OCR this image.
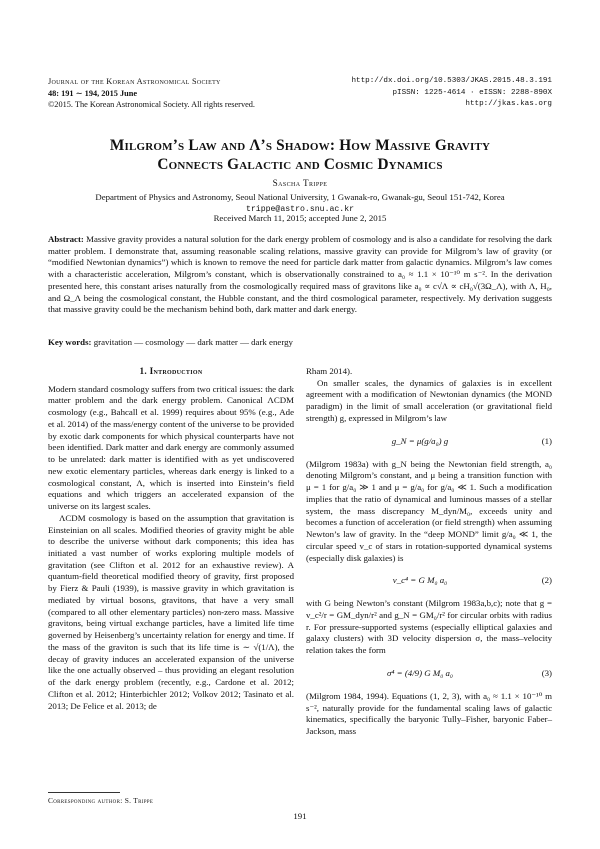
Journal of the Korean Astronomical Society
48: 191 ∼ 194, 2015 June
©2015. The Korean Astronomical Society. All rights reserved.
http://dx.doi.org/10.5303/JKAS.2015.48.3.191
pISSN: 1225-4614 · eISSN: 2288-890X
http://jkas.kas.org
Milgrom’s Law and Λ’s Shadow: How Massive Gravity
Connects Galactic and Cosmic Dynamics
Sascha Trippe
Department of Physics and Astronomy, Seoul National University, 1 Gwanak-ro, Gwanak-gu, Seoul 151-742, Korea
trippe@astro.snu.ac.kr
Received March 11, 2015; accepted June 2, 2015
Abstract: Massive gravity provides a natural solution for the dark energy problem of cosmology and is also a candidate for resolving the dark matter problem. I demonstrate that, assuming reasonable scaling relations, massive gravity can provide for Milgrom’s law of gravity (or “modified Newtonian dynamics”) which is known to remove the need for particle dark matter from galactic dynamics. Milgrom’s law comes with a characteristic acceleration, Milgrom’s constant, which is observationally constrained to a₀ ≈ 1.1 × 10⁻¹⁰ m s⁻². In the derivation presented here, this constant arises naturally from the cosmologically required mass of gravitons like a₀ ∝ c√Λ ∝ cH₀√(3Ω_Λ), with Λ, H₀, and Ω_Λ being the cosmological constant, the Hubble constant, and the third cosmological parameter, respectively. My derivation suggests that massive gravity could be the mechanism behind both, dark matter and dark energy.
Key words: gravitation — cosmology — dark matter — dark energy
1. Introduction

Modern standard cosmology suffers from two critical issues: the dark matter problem and the dark energy problem. Canonical ΛCDM cosmology (e.g., Bahcall et al. 1999) requires about 95% (e.g., Ade et al. 2014) of the mass/energy content of the universe to be provided by exotic dark components for which physical counterparts have not been identified. Dark matter and dark energy are commonly assumed to be unrelated: dark matter is identified with as yet undiscovered new exotic elementary particles, whereas dark energy is linked to a cosmological constant, Λ, which is inserted into Einstein’s field equations and which triggers an accelerated expansion of the universe on its largest scales.

ΛCDM cosmology is based on the assumption that gravitation is Einsteinian on all scales. Modified theories of gravity might be able to describe the universe without dark components; this idea has initiated a vast number of works exploring multiple models of gravitation (see Clifton et al. 2012 for an exhaustive review). A quantum-field theoretical modified theory of gravity, first proposed by Fierz & Pauli (1939), is massive gravity in which gravitation is mediated by virtual bosons, gravitons, that have a very small (compared to all other elementary particles) non-zero mass. Massive gravitons, being virtual exchange particles, have a limited life time governed by Heisenberg’s uncertainty relation for energy and time. If the mass of the graviton is such that its life time is ∼ √(1/Λ), the decay of gravity induces an accelerated expansion of the universe like the one actually observed – thus providing an elegant resolution of the dark energy problem (recently, e.g., Cardone et al. 2012; Clifton et al. 2012; Hinterbichler 2012; Volkov 2012; Tasinato et al. 2013; De Felice et al. 2013; de

Rham 2014).

On smaller scales, the dynamics of galaxies is in excellent agreement with a modification of Newtonian dynamics (the MOND paradigm) in the limit of small acceleration (or gravitational field strength) g, expressed in Milgrom’s law

g_N = μ(g/a₀) g	(1)

(Milgrom 1983a) with g_N being the Newtonian field strength, a₀ denoting Milgrom’s constant, and μ being a transition function with μ = 1 for g/a₀ ≫ 1 and μ = g/a₀ for g/a₀ ≪ 1. Such a modification implies that the ratio of dynamical and luminous masses of a stellar system, the mass discrepancy M_dyn/M₀, exceeds unity and becomes a function of acceleration (or field strength) when assuming Newton’s law of gravity. In the “deep MOND” limit g/a₀ ≪ 1, the circular speed v_c of stars in rotation-supported dynamical systems (especially disk galaxies) is

v_c⁴ = G M₀ a₀	(2)

with G being Newton’s constant (Milgrom 1983a,b,c); note that g = v_c²/r = GM_dyn/r² and g_N = GM₀/r² for circular orbits with radius r. For pressure-supported systems (especially elliptical galaxies and galaxy clusters) with 3D velocity dispersion σ, the mass–velocity relation takes the form

σ⁴ = (4/9) G M₀ a₀	(3)

(Milgrom 1984, 1994). Equations (1, 2, 3), with a₀ ≈ 1.1 × 10⁻¹⁰ m s⁻², naturally provide for the fundamental scaling laws of galactic kinematics, specifically the baryonic Tully–Fisher, baryonic Faber–Jackson, mass

Corresponding author: S. Trippe
191
